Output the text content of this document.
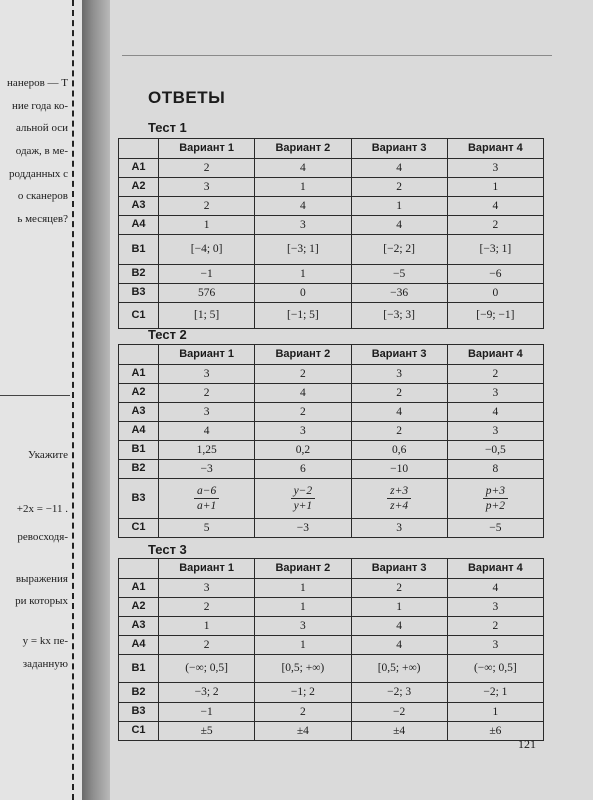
нанеров — Т
ние года ко-
альной оси
одаж, в ме-
родданных с
о сканеров
ь месяцев?
Укажите
+2x = −11 .
ревосходя-
выражения
ри которых
y = kx пе-
заданную
ОТВЕТЫ
Тест 1
	Вариант 1	Вариант 2	Вариант 3	Вариант 4
А1	2	4	4	3
А2	3	1	2	1
А3	2	4	1	4
А4	1	3	4	2
В1	[−4; 0]	[−3; 1]	[−2; 2]	[−3; 1]
В2	−1	1	−5	−6
В3	576	0	−36	0
С1	[1; 5]	[−1; 5]	[−3; 3]	[−9; −1]
Тест 2
	Вариант 1	Вариант 2	Вариант 3	Вариант 4
А1	3	2	3	2
А2	2	4	2	3
А3	3	2	4	4
А4	4	3	2	3
В1	1,25	0,2	0,6	−0,5
В2	−3	6	−10	8
В3	$\frac{a-6}{a+1}$	$\frac{y-2}{y+1}$	$\frac{z+3}{z+4}$	$\frac{p+3}{p+2}$

С1	5	−3	3	−5
Тест 3
	Вариант 1	Вариант 2	Вариант 3	Вариант 4
А1	3	1	2	4
А2	2	1	1	3
А3	1	3	4	2
А4	2	1	4	3
В1	(−∞; 0,5]	[0,5; +∞)	[0,5; +∞)	(−∞; 0,5]
В2	−3; 2	−1; 2	−2; 3	−2; 1
В3	−1	2	−2	1
С1	±5	±4	±4	±6
121
